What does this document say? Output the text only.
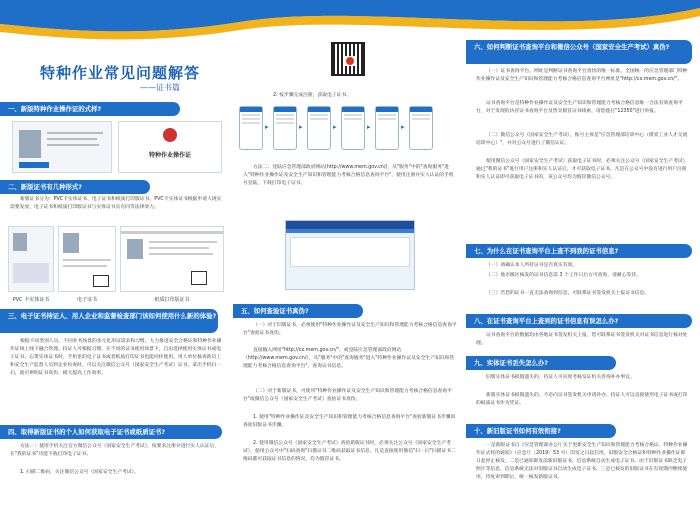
特种作业常见问题解答
——证书篇
一、新版特种作业操作证的式样?
特种作业操作证
二、新版证书有几种形式?
新版证书分为：PVC卡实体证书、电子证书和纸质打印版证书。PVC卡实体证书根据申请人现实需要发放，电子证书和纸质打印版证书与实体证书具有同等法律效力。
PVC 卡实体证书	电子证书	纸质打印版证书
三、电子证书持证人、用人企业和监督检查部门该如何使用什么新的体验?
根据不同类别人员、不同业务场景的多元化用证需求和习惯，大力推进安全合格证和特种作业操作证线上线下融合管理。持证人可根据习惯，在不同的证书使用场景下，自由选择使用实体证书或电子证书。忘带实体证书时，手机里的电子证书或者纸质打印证书也能同样使用。用人单位核查新员工和安全生产监督人员到企业检查时，可以关注微信公众号（国家安全生产考试）证书，拿出手机扫一扫，就可辨明证书真伪，极大提高工作效率。
四、取得新版证书的个人如何获取电子证书或纸质证书?
方法一：使用手机关注官方微信公众号（国家安全生产考试），按要求注册并进行实人认证后，在"我的证书"功能下载打印电子证书。
1. 扫描二维码，关注微信公众号（国家安全生产考试）。
2. 按步骤完成注册，获取电子证书。
▸	▸	▸	▸	▸
方法二：登陆应急管理部政府网站(http://www.mem.gov.cn/)，从"服务"中的"查询服务"进入"特种作业操作证及安全生产知识和管理能力考核合格信息查询平台"，使用注册并实人认证的手机号登陆，下载打印电子证书。
五、如何查验证书真伪?
（一）对于旧版证书，必须使用"特种作业操作证及安全生产知识和管理能力考核合格信息查询平台"查验证书真伪。
直接输入网址"http://cx.mem.gov.cn/"，或登陆应急管理部政府网站（http://www.mem.gov.cn/），从"服务"中的"查询服务"进入"特种作业操作证及安全生产知识和管理能力考核合格信息查询平台"，查询证书信息。
（二）对于新版证书，可使用"特种作业操作证及安全生产知识和管理能力考核合格信息查询平台"或微信公众号（国家安全生产考试）查验证书真伪。
1. 使用"特种作业操作证及安全生产知识和管理能力考核合格信息查询平台"查验新版证书步骤同查验旧版证书步骤。
2. 使用微信公众号（国家安全生产考试）查验新版证书时，必须关注公众号（国家安全生产考试），使用公众号中"扫码查询"扫描证书二维码获取证书信息。凡是直接使用微信"扫一扫"扫描证书二维码都可获取证书信息的情况，均为假冒证书。
六、如何判断证书查询平台和微信公众号（国家安全生产考试）真伪?
（一）证书查询平台。网址是判断证书查询平台真伪的唯一标准。全国统一的应急管理部门特种作业操作证及安全生产知识和管理能力考核合格信息查询平台网址是"http://cx.mem.gov.cn/"。
证书查询平台是特种作业操作证及安全生产知识和管理能力考核合格信息唯一合法有效查询平台，对于发现的仿冒证书查询平台及售卖假冒证书线索，请您拨打"12350"进行举报。
（二）微信公众号（国家安全生产考试），账号主体是"应急管理部培训中心（煤炭工业人才交流培训中心）"，并对公众号进行了微信认证。
使用微信公众号（国家安全生产考试）获取电子证书时，必须关注公众号（国家安全生产考试），通过"我的证书"进行用户注册和实人认证后，才可获取电子证书。凡是在公众号中没有进行用户注册和实人认证即可获取电子证书的，该公众号均为假冒微信公众号。
七、为什么在证书查询平台上查不到我的证书信息?
（一）请确认本人所持证书是否真实有效。
（二）地市级区核发的证书信息需 3 个工作日后方可查询，请耐心等待。
（三）若您的证书一直无法查询到信息，可联系证书签发机关上报证书信息。
八、在证书查询平台上查到的证书信息有误怎么办?
证书查询平台的数据均由各地证书签发机关上报，您可联系证书签发机关对证书信息进行核对处理。
九、实体证书丢失怎么办?
旧版实体证书损毁遗失的，持证人可向原考核发证机关咨询补办事宜。
新版实体证书损毁遗失的，不必向证书签发机关申请补办，持证人可以直接使用电子证书或打印的纸质证书作为凭证。
十、新旧版证书如何有效衔接?
一是新版证书自《应急管理部办公厅关于更新安全生产知识和管理能力考核合格证、特种作业操作证式样的通知》（应急厅〔2019〕53 号）印发之日起启用，旧版安全合格证和特种作业操作证即日起停止核发。二是已通知即发前新旧版证书，信息系统自动生成电子证书。由于旧版证书缺乏电子照片等信息，信息系统无法对旧版证书自动生成电子证书。三是已核发的旧版证书在有效期内继续使用，待复审到期后，统一核发新版证书。
